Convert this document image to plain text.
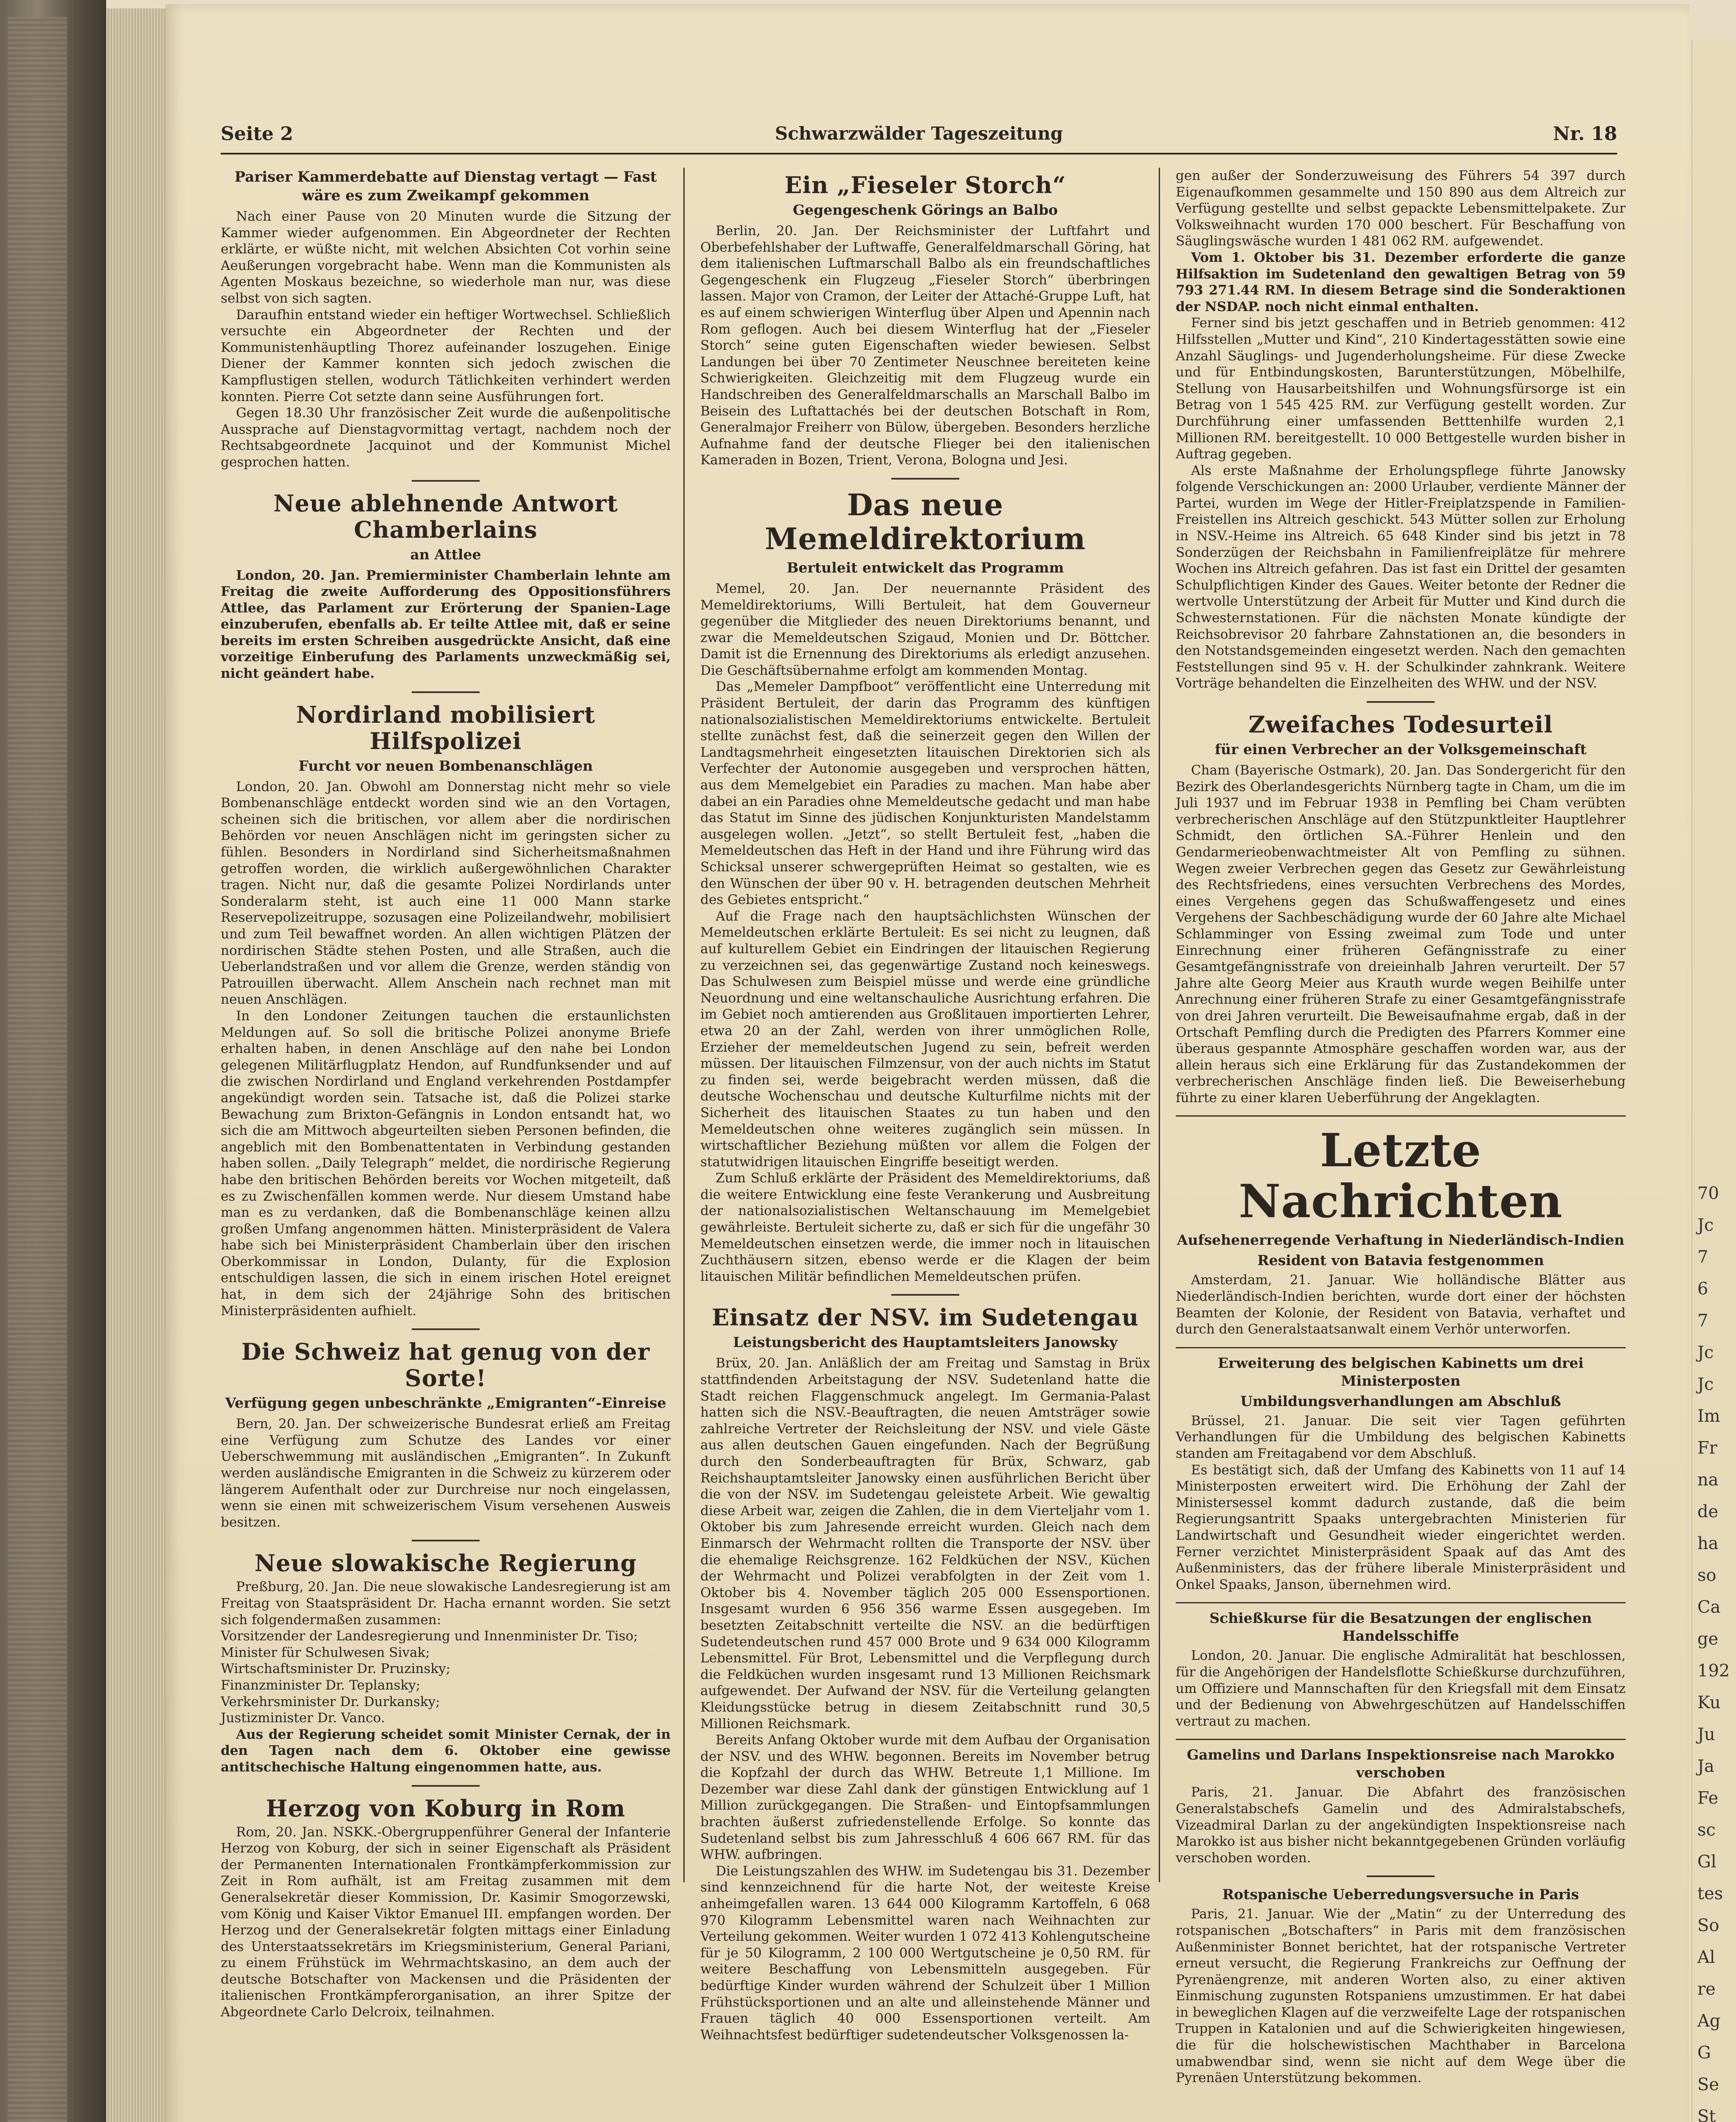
Seite 2	Schwarzwälder Tageszeitung	Nr. 18
Pariser Kammerdebatte auf Dienstag vertagt — Fast wäre es zum Zweikampf gekommen

Nach einer Pause von 20 Minuten wurde die Sitzung der Kammer wieder aufgenommen. Ein Abgeordneter der Rechten erklärte, er wüßte nicht, mit welchen Absichten Cot vorhin seine Aeußerungen vorgebracht habe. Wenn man die Kommunisten als Agenten Moskaus bezeichne, so wiederhole man nur, was diese selbst von sich sagten.

Daraufhin entstand wieder ein heftiger Wortwechsel. Schließlich versuchte ein Abgeordneter der Rechten und der Kommunistenhäuptling Thorez aufeinander loszugehen. Einige Diener der Kammer konnten sich jedoch zwischen die Kampflustigen stellen, wodurch Tätlichkeiten verhindert werden konnten. Pierre Cot setzte dann seine Ausführungen fort.

Gegen 18.30 Uhr französischer Zeit wurde die außenpolitische Aussprache auf Dienstagvormittag vertagt, nachdem noch der Rechtsabgeordnete Jacquinot und der Kommunist Michel gesprochen hatten.

Neue ablehnende Antwort Chamberlains
an Attlee

London, 20. Jan. Premierminister Chamberlain lehnte am Freitag die zweite Aufforderung des Oppositionsführers Attlee, das Parlament zur Erörterung der Spanien-Lage einzuberufen, ebenfalls ab. Er teilte Attlee mit, daß er seine bereits im ersten Schreiben ausgedrückte Ansicht, daß eine vorzeitige Einberufung des Parlaments unzweckmäßig sei, nicht geändert habe.

Nordirland mobilisiert Hilfspolizei
Furcht vor neuen Bombenanschlägen

London, 20. Jan. Obwohl am Donnerstag nicht mehr so viele Bombenanschläge entdeckt worden sind wie an den Vortagen, scheinen sich die britischen, vor allem aber die nordirischen Behörden vor neuen Anschlägen nicht im geringsten sicher zu fühlen. Besonders in Nordirland sind Sicherheitsmaßnahmen getroffen worden, die wirklich außergewöhnlichen Charakter tragen. Nicht nur, daß die gesamte Polizei Nordirlands unter Sonderalarm steht, ist auch eine 11 000 Mann starke Reservepolizeitruppe, sozusagen eine Polizeilandwehr, mobilisiert und zum Teil bewaffnet worden. An allen wichtigen Plätzen der nordirischen Städte stehen Posten, und alle Straßen, auch die Ueberlandstraßen und vor allem die Grenze, werden ständig von Patrouillen überwacht. Allem Anschein nach rechnet man mit neuen Anschlägen.

In den Londoner Zeitungen tauchen die erstaunlichsten Meldungen auf. So soll die britische Polizei anonyme Briefe erhalten haben, in denen Anschläge auf den nahe bei London gelegenen Militärflugplatz Hendon, auf Rundfunksender und auf die zwischen Nordirland und England verkehrenden Postdampfer angekündigt worden sein. Tatsache ist, daß die Polizei starke Bewachung zum Brixton-Gefängnis in London entsandt hat, wo sich die am Mittwoch abgeurteilten sieben Personen befinden, die angeblich mit den Bombenattentaten in Verbindung gestanden haben sollen. „Daily Telegraph“ meldet, die nordirische Regierung habe den britischen Behörden bereits vor Wochen mitgeteilt, daß es zu Zwischenfällen kommen werde. Nur diesem Umstand habe man es zu verdanken, daß die Bombenanschläge keinen allzu großen Umfang angenommen hätten. Ministerpräsident de Valera habe sich bei Ministerpräsident Chamberlain über den irischen Oberkommissar in London, Dulanty, für die Explosion entschuldigen lassen, die sich in einem irischen Hotel ereignet hat, in dem sich der 24jährige Sohn des britischen Ministerpräsidenten aufhielt.

Die Schweiz hat genug von der Sorte!
Verfügung gegen unbeschränkte „Emigranten“-Einreise

Bern, 20. Jan. Der schweizerische Bundesrat erließ am Freitag eine Verfügung zum Schutze des Landes vor einer Ueberschwemmung mit ausländischen „Emigranten“. In Zukunft werden ausländische Emigranten in die Schweiz zu kürzerem oder längerem Aufenthalt oder zur Durchreise nur noch eingelassen, wenn sie einen mit schweizerischem Visum versehenen Ausweis besitzen.

Neue slowakische Regierung

Preßburg, 20. Jan. Die neue slowakische Landesregierung ist am Freitag von Staatspräsident Dr. Hacha ernannt worden. Sie setzt sich folgendermaßen zusammen:

Vorsitzender der Landesregierung und Innenminister Dr. Tiso;

Minister für Schulwesen Sivak;

Wirtschaftsminister Dr. Pruzinsky;

Finanzminister Dr. Teplansky;

Verkehrsminister Dr. Durkansky;

Justizminister Dr. Vanco.

Aus der Regierung scheidet somit Minister Cernak, der in den Tagen nach dem 6. Oktober eine gewisse antitschechische Haltung eingenommen hatte, aus.

Herzog von Koburg in Rom

Rom, 20. Jan. NSKK.-Obergruppenführer General der Infanterie Herzog von Koburg, der sich in seiner Eigenschaft als Präsident der Permanenten Internationalen Frontkämpferkommission zur Zeit in Rom aufhält, ist am Freitag zusammen mit dem Generalsekretär dieser Kommission, Dr. Kasimir Smogorzewski, vom König und Kaiser Viktor Emanuel III. empfangen worden. Der Herzog und der Generalsekretär folgten mittags einer Einladung des Unterstaatssekretärs im Kriegsministerium, General Pariani, zu einem Frühstück im Wehrmachtskasino, an dem auch der deutsche Botschafter von Mackensen und die Präsidenten der italienischen Frontkämpferorganisation, an ihrer Spitze der Abgeordnete Carlo Delcroix, teilnahmen.

Ein „Fieseler Storch“
Gegengeschenk Görings an Balbo

Berlin, 20. Jan. Der Reichsminister der Luftfahrt und Oberbefehlshaber der Luftwaffe, Generalfeldmarschall Göring, hat dem italienischen Luftmarschall Balbo als ein freundschaftliches Gegengeschenk ein Flugzeug „Fieseler Storch“ überbringen lassen. Major von Cramon, der Leiter der Attaché-Gruppe Luft, hat es auf einem schwierigen Winterflug über Alpen und Apennin nach Rom geflogen. Auch bei diesem Winterflug hat der „Fieseler Storch“ seine guten Eigenschaften wieder bewiesen. Selbst Landungen bei über 70 Zentimeter Neuschnee bereiteten keine Schwierigkeiten. Gleichzeitig mit dem Flugzeug wurde ein Handschreiben des Generalfeldmarschalls an Marschall Balbo im Beisein des Luftattachés bei der deutschen Botschaft in Rom, Generalmajor Freiherr von Bülow, übergeben. Besonders herzliche Aufnahme fand der deutsche Flieger bei den italienischen Kameraden in Bozen, Trient, Verona, Bologna und Jesi.

Das neue Memeldirektorium
Bertuleit entwickelt das Programm

Memel, 20. Jan. Der neuernannte Präsident des Memeldirektoriums, Willi Bertuleit, hat dem Gouverneur gegenüber die Mitglieder des neuen Direktoriums benannt, und zwar die Memeldeutschen Szigaud, Monien und Dr. Böttcher. Damit ist die Ernennung des Direktoriums als erledigt anzusehen. Die Geschäftsübernahme erfolgt am kommenden Montag.

Das „Memeler Dampfboot“ veröffentlicht eine Unterredung mit Präsident Bertuleit, der darin das Programm des künftigen nationalsozialistischen Memeldirektoriums entwickelte. Bertuleit stellte zunächst fest, daß die seinerzeit gegen den Willen der Landtagsmehrheit eingesetzten litauischen Direktorien sich als Verfechter der Autonomie ausgegeben und versprochen hätten, aus dem Memelgebiet ein Paradies zu machen. Man habe aber dabei an ein Paradies ohne Memeldeutsche gedacht und man habe das Statut im Sinne des jüdischen Konjunkturisten Mandelstamm ausgelegen wollen. „Jetzt“, so stellt Bertuleit fest, „haben die Memeldeutschen das Heft in der Hand und ihre Führung wird das Schicksal unserer schwergeprüften Heimat so gestalten, wie es den Wünschen der über 90 v. H. betragenden deutschen Mehrheit des Gebietes entspricht.“

Auf die Frage nach den hauptsächlichsten Wünschen der Memeldeutschen erklärte Bertuleit: Es sei nicht zu leugnen, daß auf kulturellem Gebiet ein Eindringen der litauischen Regierung zu verzeichnen sei, das gegenwärtige Zustand noch keineswegs. Das Schulwesen zum Beispiel müsse und werde eine gründliche Neuordnung und eine weltanschauliche Ausrichtung erfahren. Die im Gebiet noch amtierenden aus Großlitauen importierten Lehrer, etwa 20 an der Zahl, werden von ihrer unmöglichen Rolle, Erzieher der memeldeutschen Jugend zu sein, befreit werden müssen. Der litauischen Filmzensur, von der auch nichts im Statut zu finden sei, werde beigebracht werden müssen, daß die deutsche Wochenschau und deutsche Kulturfilme nichts mit der Sicherheit des litauischen Staates zu tun haben und den Memeldeutschen ohne weiteres zugänglich sein müssen. In wirtschaftlicher Beziehung müßten vor allem die Folgen der statutwidrigen litauischen Eingriffe beseitigt werden.

Zum Schluß erklärte der Präsident des Memeldirektoriums, daß die weitere Entwicklung eine feste Verankerung und Ausbreitung der nationalsozialistischen Weltanschauung im Memelgebiet gewährleiste. Bertuleit sicherte zu, daß er sich für die ungefähr 30 Memeldeutschen einsetzen werde, die immer noch in litauischen Zuchthäusern sitzen, ebenso werde er die Klagen der beim litauischen Militär befindlichen Memeldeutschen prüfen.

Einsatz der NSV. im Sudetengau
Leistungsbericht des Hauptamtsleiters Janowsky

Brüx, 20. Jan. Anläßlich der am Freitag und Samstag in Brüx stattfindenden Arbeitstagung der NSV. Sudetenland hatte die Stadt reichen Flaggenschmuck angelegt. Im Germania-Palast hatten sich die NSV.-Beauftragten, die neuen Amtsträger sowie zahlreiche Vertreter der Reichsleitung der NSV. und viele Gäste aus allen deutschen Gauen eingefunden. Nach der Begrüßung durch den Sonderbeauftragten für Brüx, Schwarz, gab Reichshauptamtsleiter Janowsky einen ausführlichen Bericht über die von der NSV. im Sudetengau geleistete Arbeit. Wie gewaltig diese Arbeit war, zeigen die Zahlen, die in dem Vierteljahr vom 1. Oktober bis zum Jahresende erreicht wurden. Gleich nach dem Einmarsch der Wehrmacht rollten die Transporte der NSV. über die ehemalige Reichsgrenze. 162 Feldküchen der NSV., Küchen der Wehrmacht und Polizei verabfolgten in der Zeit vom 1. Oktober bis 4. November täglich 205 000 Essensportionen. Insgesamt wurden 6 956 356 warme Essen ausgegeben. Im besetzten Zeitabschnitt verteilte die NSV. an die bedürftigen Sudetendeutschen rund 457 000 Brote und 9 634 000 Kilogramm Lebensmittel. Für Brot, Lebensmittel und die Verpflegung durch die Feldküchen wurden insgesamt rund 13 Millionen Reichsmark aufgewendet. Der Aufwand der NSV. für die Verteilung gelangten Kleidungsstücke betrug in diesem Zeitabschnitt rund 30,5 Millionen Reichsmark.

Bereits Anfang Oktober wurde mit dem Aufbau der Organisation der NSV. und des WHW. begonnen. Bereits im November betrug die Kopfzahl der durch das WHW. Betreute 1,1 Millione. Im Dezember war diese Zahl dank der günstigen Entwicklung auf 1 Million zurückgegangen. Die Straßen- und Eintopfsammlungen brachten äußerst zufriedenstellende Erfolge. So konnte das Sudetenland selbst bis zum Jahresschluß 4 606 667 RM. für das WHW. aufbringen.

Die Leistungszahlen des WHW. im Sudetengau bis 31. Dezember sind kennzeichnend für die harte Not, der weiteste Kreise anheimgefallen waren. 13 644 000 Kilogramm Kartoffeln, 6 068 970 Kilogramm Lebensmittel waren nach Weihnachten zur Verteilung gekommen. Weiter wurden 1 072 413 Kohlengutscheine für je 50 Kilogramm, 2 100 000 Wertgutscheine je 0,50 RM. für weitere Beschaffung von Lebensmitteln ausgegeben. Für bedürftige Kinder wurden während der Schulzeit über 1 Million Frühstücksportionen und an alte und alleinstehende Männer und Frauen täglich 40 000 Essensportionen verteilt. Am Weihnachtsfest bedürftiger sudetendeutscher Volksgenossen la-

gen außer der Sonderzuweisung des Führers 54 397 durch Eigenaufkommen gesammelte und 150 890 aus dem Altreich zur Verfügung gestellte und selbst gepackte Lebensmittelpakete. Zur Volksweihnacht wurden 170 000 beschert. Für Beschaffung von Säuglingswäsche wurden 1 481 062 RM. aufgewendet.

Vom 1. Oktober bis 31. Dezember erforderte die ganze Hilfsaktion im Sudetenland den gewaltigen Betrag von 59 793 271.44 RM. In diesem Betrage sind die Sonderaktionen der NSDAP. noch nicht einmal enthalten.

Ferner sind bis jetzt geschaffen und in Betrieb genommen: 412 Hilfsstellen „Mutter und Kind“, 210 Kindertagesstätten sowie eine Anzahl Säuglings- und Jugenderholungsheime. Für diese Zwecke und für Entbindungskosten, Barunterstützungen, Möbelhilfe, Stellung von Hausarbeitshilfen und Wohnungsfürsorge ist ein Betrag von 1 545 425 RM. zur Verfügung gestellt worden. Zur Durchführung einer umfassenden Betttenhilfe wurden 2,1 Millionen RM. bereitgestellt. 10 000 Bettgestelle wurden bisher in Auftrag gegeben.

Als erste Maßnahme der Erholungspflege führte Janowsky folgende Verschickungen an: 2000 Urlauber, verdiente Männer der Partei, wurden im Wege der Hitler-Freiplatzspende in Familien-Freistellen ins Altreich geschickt. 543 Mütter sollen zur Erholung in NSV.-Heime ins Altreich. 65 648 Kinder sind bis jetzt in 78 Sonderzügen der Reichsbahn in Familienfreiplätze für mehrere Wochen ins Altreich gefahren. Das ist fast ein Drittel der gesamten Schulpflichtigen Kinder des Gaues. Weiter betonte der Redner die wertvolle Unterstützung der Arbeit für Mutter und Kind durch die Schwesternstationen. Für die nächsten Monate kündigte der Reichsobrevisor 20 fahrbare Zahnstationen an, die besonders in den Notstandsgemeinden eingesetzt werden. Nach den gemachten Feststellungen sind 95 v. H. der Schulkinder zahnkrank. Weitere Vorträge behandelten die Einzelheiten des WHW. und der NSV.

Zweifaches Todesurteil
für einen Verbrecher an der Volksgemeinschaft

Cham (Bayerische Ostmark), 20. Jan. Das Sondergericht für den Bezirk des Oberlandesgerichts Nürnberg tagte in Cham, um die im Juli 1937 und im Februar 1938 in Pemfling bei Cham verübten verbrecherischen Anschläge auf den Stützpunktleiter Hauptlehrer Schmidt, den örtlichen SA.-Führer Henlein und den Gendarmerieobenwachtmeister Alt von Pemfling zu sühnen. Wegen zweier Verbrechen gegen das Gesetz zur Gewährleistung des Rechtsfriedens, eines versuchten Verbrechens des Mordes, eines Vergehens gegen das Schußwaffengesetz und eines Vergehens der Sachbeschädigung wurde der 60 Jahre alte Michael Schlamminger von Essing zweimal zum Tode und unter Einrechnung einer früheren Gefängnisstrafe zu einer Gesamtgefängnisstrafe von dreieinhalb Jahren verurteilt. Der 57 Jahre alte Georg Meier aus Krauth wurde wegen Beihilfe unter Anrechnung einer früheren Strafe zu einer Gesamtgefängnisstrafe von drei Jahren verurteilt. Die Beweisaufnahme ergab, daß in der Ortschaft Pemfling durch die Predigten des Pfarrers Kommer eine überaus gespannte Atmosphäre geschaffen worden war, aus der allein heraus sich eine Erklärung für das Zustandekommen der verbrecherischen Anschläge finden ließ. Die Beweiserhebung führte zu einer klaren Ueberführung der Angeklagten.

Letzte Nachrichten
Aufsehenerregende Verhaftung in Niederländisch-Indien
Resident von Batavia festgenommen

Amsterdam, 21. Januar. Wie holländische Blätter aus Niederländisch-Indien berichten, wurde dort einer der höchsten Beamten der Kolonie, der Resident von Batavia, verhaftet und durch den Generalstaatsanwalt einem Verhör unterworfen.

Erweiterung des belgischen Kabinetts um drei Ministerposten
Umbildungsverhandlungen am Abschluß

Brüssel, 21. Januar. Die seit vier Tagen geführten Verhandlungen für die Umbildung des belgischen Kabinetts standen am Freitagabend vor dem Abschluß.

Es bestätigt sich, daß der Umfang des Kabinetts von 11 auf 14 Ministerposten erweitert wird. Die Erhöhung der Zahl der Ministersessel kommt dadurch zustande, daß die beim Regierungsantritt Spaaks untergebrachten Ministerien für Landwirtschaft und Gesundheit wieder eingerichtet werden. Ferner verzichtet Ministerpräsident Spaak auf das Amt des Außenministers, das der frühere liberale Ministerpräsident und Onkel Spaaks, Janson, übernehmen wird.

Schießkurse für die Besatzungen der englischen Handelsschiffe

London, 20. Januar. Die englische Admiralität hat beschlossen, für die Angehörigen der Handelsflotte Schießkurse durchzuführen, um Offiziere und Mannschaften für den Kriegsfall mit dem Einsatz und der Bedienung von Abwehrgeschützen auf Handelsschiffen vertraut zu machen.

Gamelins und Darlans Inspektionsreise nach Marokko verschoben

Paris, 21. Januar. Die Abfahrt des französischen Generalstabschefs Gamelin und des Admiralstabschefs, Vizeadmiral Darlan zu der angekündigten Inspektionsreise nach Marokko ist aus bisher nicht bekanntgegebenen Gründen vorläufig verschoben worden.

Rotspanische Ueberredungsversuche in Paris

Paris, 21. Januar. Wie der „Matin“ zu der Unterredung des rotspanischen „Botschafters“ in Paris mit dem französischen Außenminister Bonnet berichtet, hat der rotspanische Vertreter erneut versucht, die Regierung Frankreichs zur Oeffnung der Pyrenäengrenze, mit anderen Worten also, zu einer aktiven Einmischung zugunsten Rotspaniens umzustimmen. Er hat dabei in beweglichen Klagen auf die verzweifelte Lage der rotspanischen Truppen in Katalonien und auf die Schwierigkeiten hingewiesen, die für die holschewistischen Machthaber in Barcelona umabwendbar sind, wenn sie nicht auf dem Wege über die Pyrenäen Unterstützung bekommen.

70
Jc
7
6
7
Jc
Jc
Im
Fr
na
de
ha
so
Ca
ge
192
Ku
Ju
Ja
Fe
sc
Gl
tes
So
Al
re
Ag
G
Se
St
